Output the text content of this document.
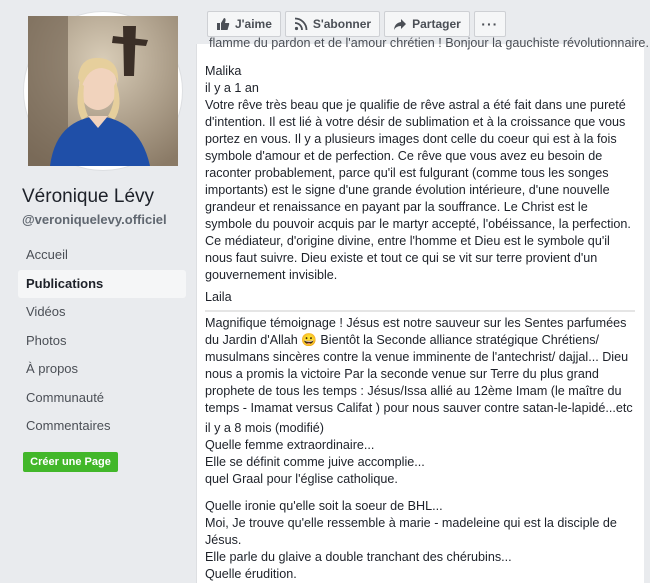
Véronique Lévy
@veroniquelevy.officiel
Accueil
Publications
Vidéos
Photos
À propos
Communauté
Commentaires
Créer une Page
J'aime	S'abonner	Partager ···
flamme du pardon et de l'amour chrétien ! Bonjour la gauchiste révolutionnaire.

Malika

il y a 1 an

Votre rêve très beau que je qualifie de rêve astral a été fait dans une pureté d'intention. Il est lié à votre désir de sublimation et à la croissance que vous portez en vous. Il y a plusieurs images dont celle du coeur qui est à la fois symbole d'amour et de perfection. Ce rêve que vous avez eu besoin de raconter probablement, parce qu'il est fulgurant (comme tous les songes importants) est le signe d'une grande évolution intérieure, d'une nouvelle grandeur et renaissance en payant par la souffrance. Le Christ est le symbole du pouvoir acquis par le martyr accepté, l'obéissance, la perfection. Ce médiateur, d'origine divine, entre l'homme et Dieu est le symbole qu'il nous faut suivre. Dieu existe et tout ce qui se vit sur terre provient d'un gouvernement invisible.

Laila

Magnifique témoignage ! Jésus est notre sauveur sur les Sentes parfumées du Jardin d'Allah 😀 Bientôt la Seconde alliance stratégique Chrétiens/ musulmans sincères contre la venue imminente de l'antechrist/ dajjal... Dieu nous a promis la victoire Par la seconde venue sur Terre du plus grand prophete de tous les temps : Jésus/Issa allié au 12ème Imam (le maître du temps - Imamat versus Califat ) pour nous sauver contre satan-le-lapidé...etc

il y a 8 mois (modifié)

Quelle femme extraordinaire...

Elle se définit comme juive accomplie...

quel Graal pour l'église catholique.

Quelle ironie qu'elle soit la soeur de BHL...

Moi, Je trouve qu'elle ressemble à marie - madeleine qui est la disciple de Jésus.

Elle parle du glaive a double tranchant des chérubins...

Quelle érudition.
